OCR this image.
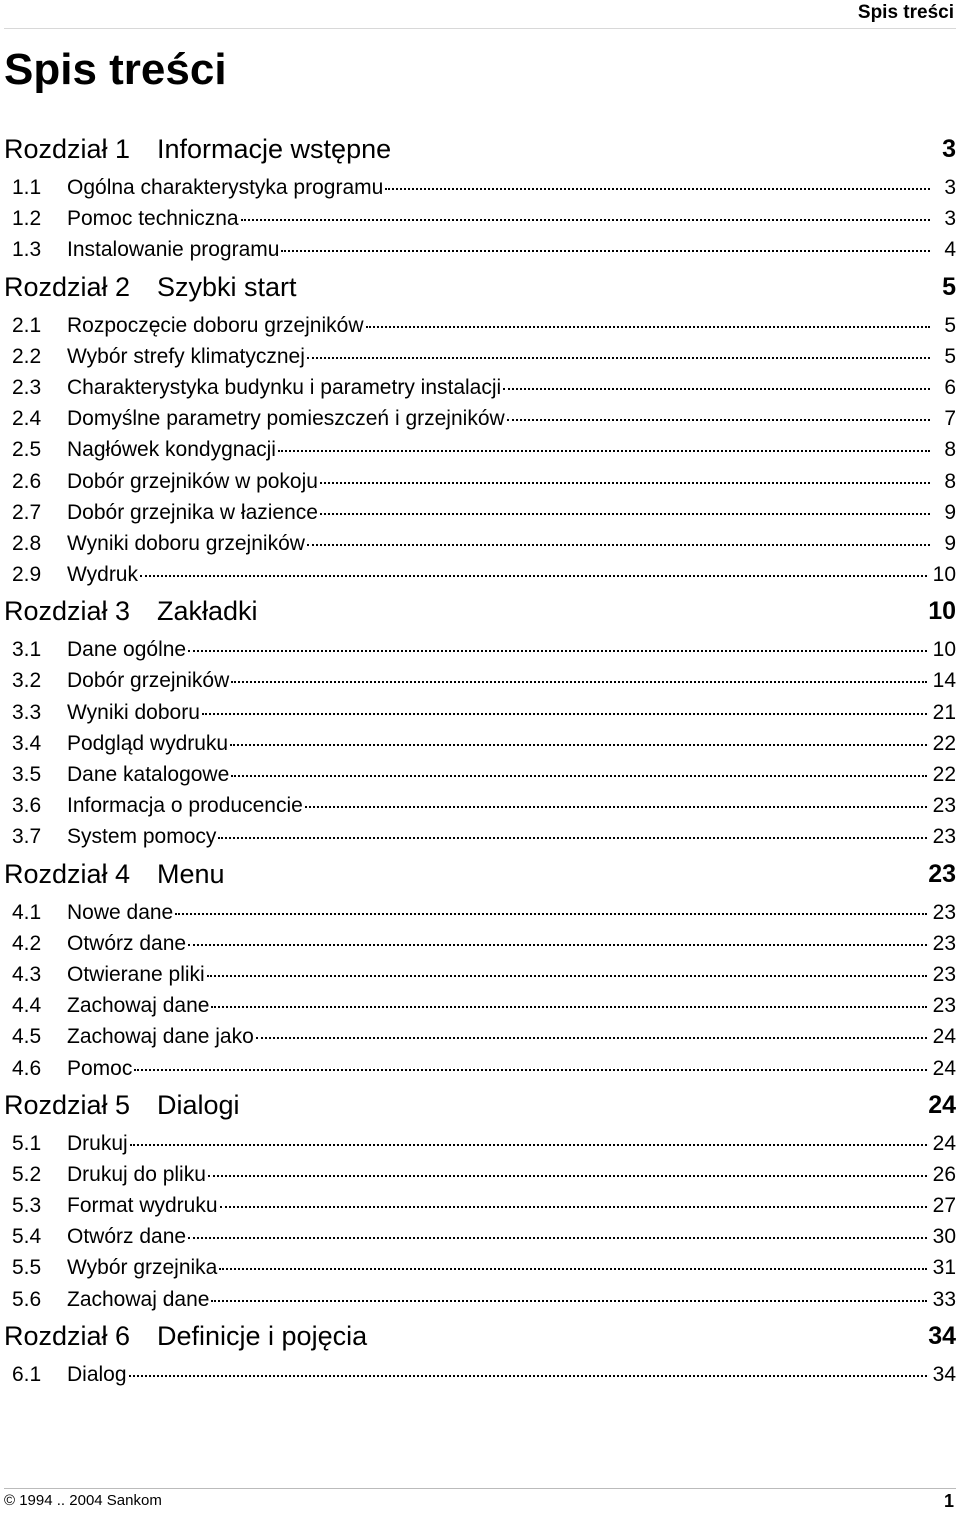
Spis treści
Spis treści
Rozdział 1 Informacje wstępne	3
1.1	Ogólna charakterystyka programu	3
1.2	Pomoc techniczna	3
1.3	Instalowanie programu	4
Rozdział 2 Szybki start	5
2.1	Rozpoczęcie doboru grzejników	5
2.2	Wybór strefy klimatycznej	5
2.3	Charakterystyka budynku i parametry instalacji	6
2.4	Domyślne parametry pomieszczeń i grzejników	7
2.5	Nagłówek kondygnacji	8
2.6	Dobór grzejników w pokoju	8
2.7	Dobór grzejnika w łazience	9
2.8	Wyniki doboru grzejników	9
2.9	Wydruk	10
Rozdział 3 Zakładki	10
3.1	Dane ogólne	10
3.2	Dobór grzejników	14
3.3	Wyniki doboru	21
3.4	Podgląd wydruku	22
3.5	Dane katalogowe	22
3.6	Informacja o producencie	23
3.7	System pomocy	23
Rozdział 4 Menu	23
4.1	Nowe dane	23
4.2	Otwórz dane	23
4.3	Otwierane pliki	23
4.4	Zachowaj dane	23
4.5	Zachowaj dane jako	24
4.6	Pomoc	24
Rozdział 5 Dialogi	24
5.1	Drukuj	24
5.2	Drukuj do pliku	26
5.3	Format wydruku	27
5.4	Otwórz dane	30
5.5	Wybór grzejnika	31
5.6	Zachowaj dane	33
Rozdział 6 Definicje i pojęcia	34
6.1	Dialog	34
© 1994 .. 2004 Sankom	1
